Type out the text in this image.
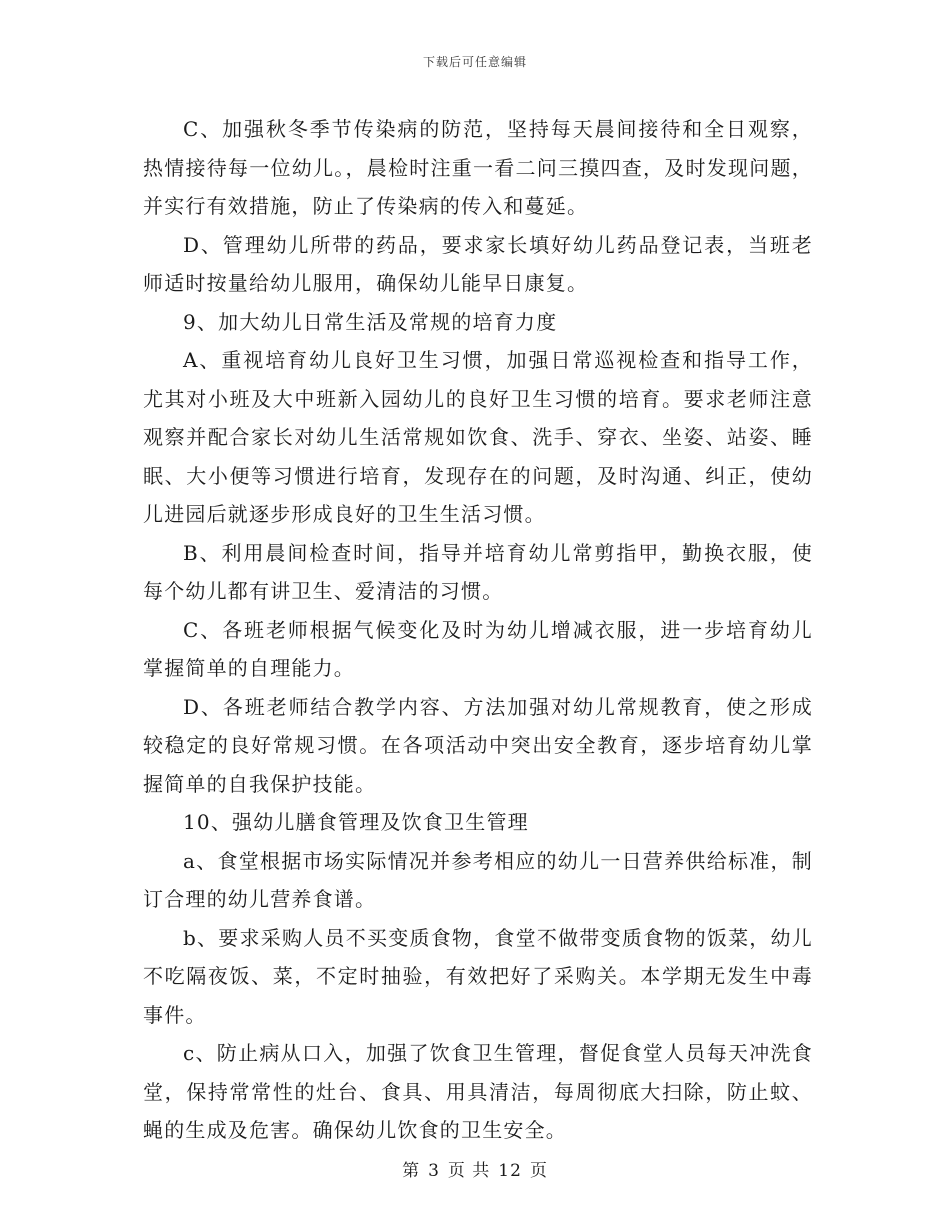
下载后可任意编辑

C、加强秋冬季节传染病的防范，坚持每天晨间接待和全日观察，热情接待每一位幼儿。，晨检时注重一看二问三摸四查，及时发现问题，并实行有效措施，防止了传染病的传入和蔓延。

D、管理幼儿所带的药品，要求家长填好幼儿药品登记表，当班老师适时按量给幼儿服用，确保幼儿能早日康复。

9、加大幼儿日常生活及常规的培育力度

A、重视培育幼儿良好卫生习惯，加强日常巡视检查和指导工作，尤其对小班及大中班新入园幼儿的良好卫生习惯的培育。要求老师注意观察并配合家长对幼儿生活常规如饮食、洗手、穿衣、坐姿、站姿、睡眠、大小便等习惯进行培育，发现存在的问题，及时沟通、纠正，使幼儿进园后就逐步形成良好的卫生生活习惯。

B、利用晨间检查时间，指导并培育幼儿常剪指甲，勤换衣服，使每个幼儿都有讲卫生、爱清洁的习惯。

C、各班老师根据气候变化及时为幼儿增减衣服，进一步培育幼儿掌握简单的自理能力。

D、各班老师结合教学内容、方法加强对幼儿常规教育，使之形成较稳定的良好常规习惯。在各项活动中突出安全教育，逐步培育幼儿掌握简单的自我保护技能。

10、强幼儿膳食管理及饮食卫生管理

a、食堂根据市场实际情况并参考相应的幼儿一日营养供给标准，制订合理的幼儿营养食谱。

b、要求采购人员不买变质食物，食堂不做带变质食物的饭菜，幼儿不吃隔夜饭、菜，不定时抽验，有效把好了采购关。本学期无发生中毒事件。

c、防止病从口入，加强了饮食卫生管理，督促食堂人员每天冲洗食堂，保持常常性的灶台、食具、用具清洁，每周彻底大扫除，防止蚊、蝇的生成及危害。确保幼儿饮食的卫生安全。

第 3 页 共 12 页
